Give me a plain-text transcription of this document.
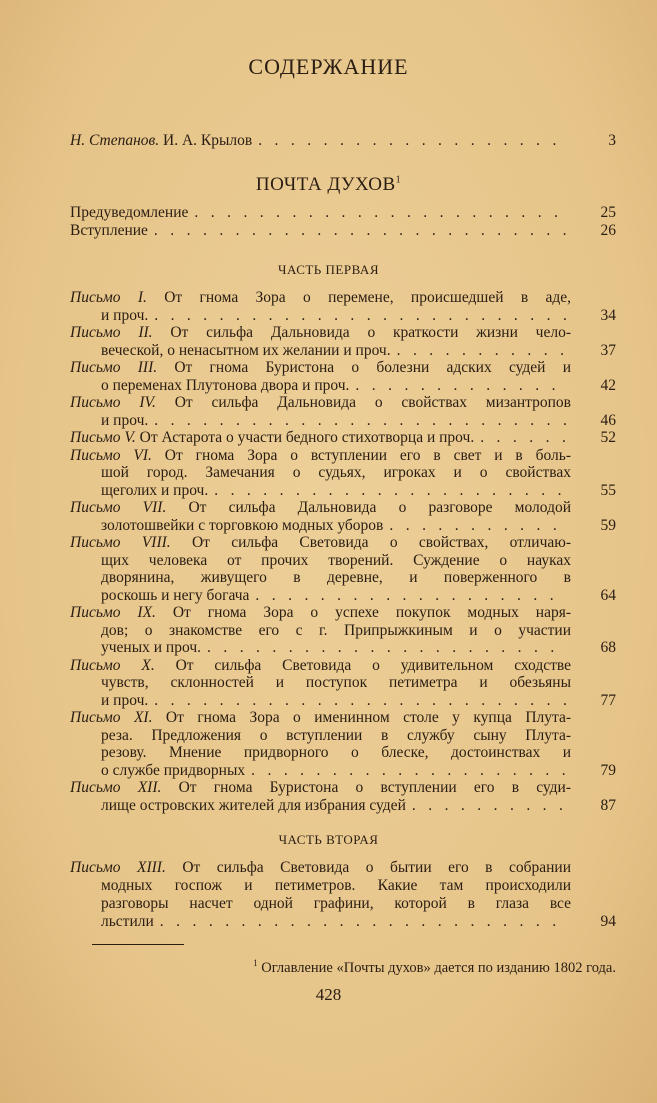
СОДЕРЖАНИЕ
Н. Степанов. И. А. Крылов . . .	3
ПОЧТА ДУХОВ$^1$
Предуведомление . . .	25
Вступление . . .	26
ЧАСТЬ ПЕРВАЯ
Письмо I. От гнома Зора о перемене, происшедшей в аде,
и проч. . . .	34
Письмо II. От сильфа Дальновида о краткости жизни чело-
веческой, о ненасытном их желании и проч. . . .	37
Письмо III. От гнома Буристона о болезни адских судей и
о переменах Плутонова двора и проч. . . .	42
Письмо IV. От сильфа Дальновида о свойствах мизантропов
и проч. . . .	46
Письмо V. От Астарота о участи бедного стихотворца и проч. . . .	52
Письмо VI. От гнома Зора о вступлении его в свет и в боль-
шой город. Замечания о судьях, игроках и о свойствах
щеголих и проч. . . .	55
Письмо VII. От сильфа Дальновида о разговоре молодой
золотошвейки с торговкою модных уборов . . .	59
Письмо VIII. От сильфа Световида о свойствах, отличаю-
щих человека от прочих творений. Суждение о науках
дворянина, живущего в деревне, и поверженного в
роскошь и негу богача . . .	64
Письмо IX. От гнома Зора о успехе покупок модных наря-
дов; о знакомстве его с г. Припрыжкиным и о участии
ученых и проч. . . .	68
Письмо X. От сильфа Световида о удивительном сходстве
чувств, склонностей и поступок петиметра и обезьяны
и проч. . . .	77
Письмо XI. От гнома Зора о именинном столе у купца Плута-
реза. Предложения о вступлении в службу сыну Плута-
резову. Мнение придворного о блеске, достоинствах и
о службе придворных . . .	79
Письмо XII. От гнома Буристона о вступлении его в суди-
лище островских жителей для избрания судей . . .	87
ЧАСТЬ ВТОРАЯ
Письмо XIII. От сильфа Световида о бытии его в собрании
модных госпож и петиметров. Какие там происходили
разговоры насчет одной графини, которой в глаза все
льстили . . .	94
$^1$ Оглавление «Почты духов» дается по изданию 1802 года.
428
